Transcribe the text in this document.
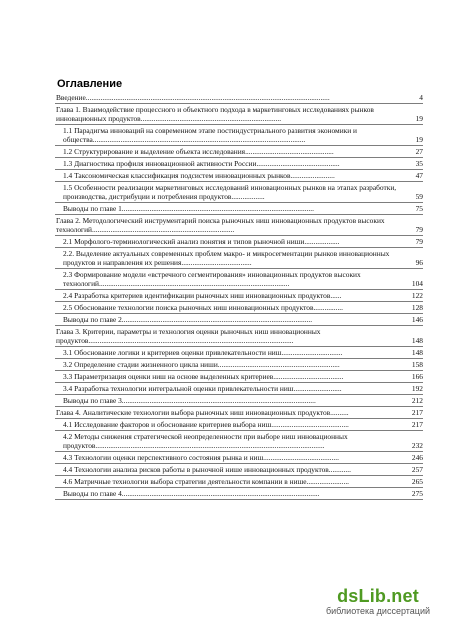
Оглавление
Введение....................................................................................................................................	4
Глава 1. Взаимодействие процессного и объектного подхода в маркетинговых исследованиях рынков инновационных продуктов............................................................................	19
1.1 Парадигма инноваций на современном этапе постиндустриального развития экономики и общества...................................................................................................................	19
1.2 Структурирование и выделение объекта исследования................................................	27
1.3 Диагностика профиля инновационной активности России.............................................	35
1.4 Таксономическая классификация подсистем инновационных рынков........................	47
1.5 Особенности реализации маркетинговых исследований инновационных рынков на этапах разработки, производства, дистрибуции и потребления продуктов..................	59
Выводы по главе 1........................................................................................................	75
Глава 2. Методологический инструментарий поиска рыночных ниш инновационных продуктов высоких технологий.............................................................................	79
2.1 Морфолого-терминологический анализ понятия и типов рыночной ниши...................	79
2.2. Выделение актуальных современных проблем макро- и микросегментации рынков инновационных продуктов и направления их решения......................................	96
2.3 Формирование модели «встречного сегментирования» инновационных продуктов высоких технологий.......................................................................................................	104
2.4 Разработка критериев идентификации рыночных ниш инновационных продуктов......	122
2.5 Обоснование технологии поиска рыночных ниш инновационных продуктов................	128
Выводы по главе 2.......................................................................................................	146
Глава 3. Критерии, параметры и технология оценки рыночных ниш инновационных продуктов...............................................................................................................	148
3.1 Обоснование логики и критериев оценки привлекательности ниш.................................	148
3.2 Определение стадии жизненного цикла ниши..................................................................	158
3.3 Параметризация оценки ниш на основе выделенных критериев......................................	166
3.4 Разработка технологии интегральной оценки привлекательности ниш..........................	192
Выводы по главе 3.........................................................................................................	212
Глава 4. Аналитические технологии выбора рыночных ниш инновационных продуктов..........	217
4.1 Исследование факторов и обоснование критериев выбора ниш..........................................	217
4.2 Методы снижения стратегической неопределенности при выборе ниш инновационных продуктов............................................................................................................................	232
4.3 Технологии оценки перспективного состояния рынка и ниш.........................................	246
4.4 Технологии анализа рисков работы в рыночной нише инновационных продуктов............	257
4.6 Матричные технологии выбора стратегии деятельности компании в нише.......................	265
Выводы по главе 4...........................................................................................................	275
dsLib.net
библиотека диссертаций
